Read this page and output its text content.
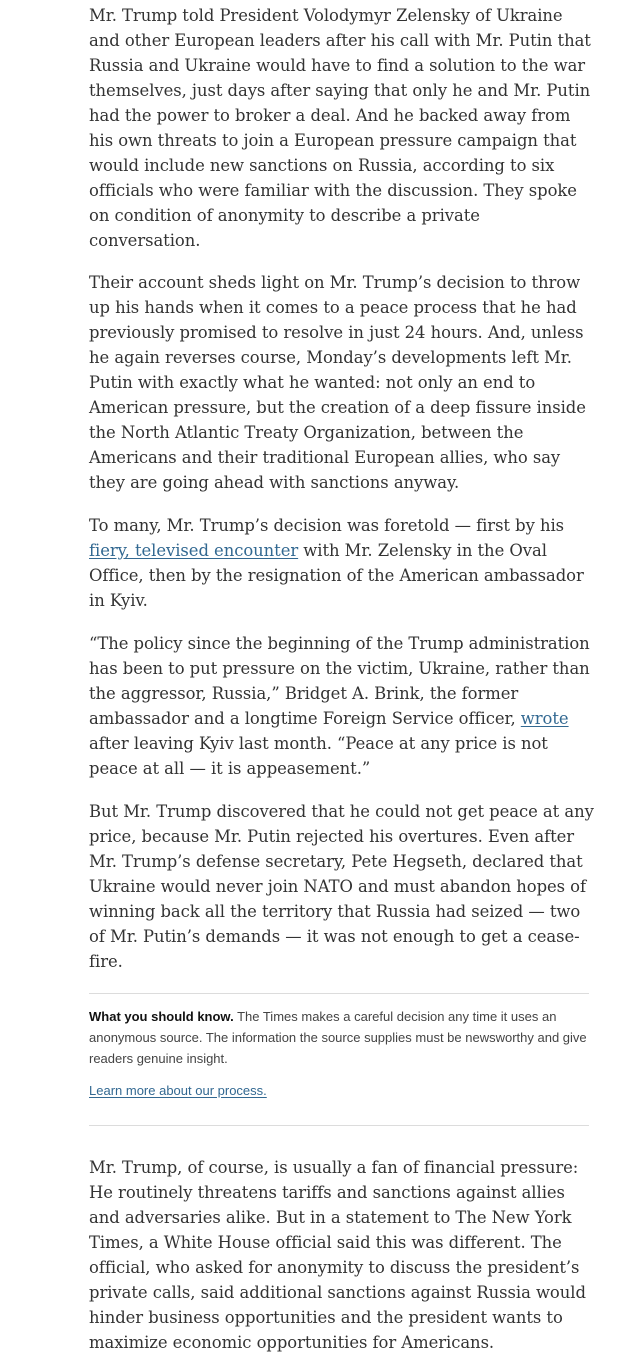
Mr. Trump told President Volodymyr Zelensky of Ukraine and other European leaders after his call with Mr. Putin that Russia and Ukraine would have to find a solution to the war themselves, just days after saying that only he and Mr. Putin had the power to broker a deal. And he backed away from his own threats to join a European pressure campaign that would include new sanctions on Russia, according to six officials who were familiar with the discussion. They spoke on condition of anonymity to describe a private conversation.

Their account sheds light on Mr. Trump’s decision to throw up his hands when it comes to a peace process that he had previously promised to resolve in just 24 hours. And, unless he again reverses course, Monday’s developments left Mr. Putin with exactly what he wanted: not only an end to American pressure, but the creation of a deep fissure inside the North Atlantic Treaty Organization, between the Americans and their traditional European allies, who say they are going ahead with sanctions anyway.

To many, Mr. Trump’s decision was foretold — first by his fiery, televised encounter with Mr. Zelensky in the Oval Office, then by the resignation of the American ambassador in Kyiv.

“The policy since the beginning of the Trump administration has been to put pressure on the victim, Ukraine, rather than the aggressor, Russia,” Bridget A. Brink, the former ambassador and a longtime Foreign Service officer, wrote after leaving Kyiv last month. “Peace at any price is not peace at all — it is appeasement.”

But Mr. Trump discovered that he could not get peace at any price, because Mr. Putin rejected his overtures. Even after Mr. Trump’s defense secretary, Pete Hegseth, declared that Ukraine would never join NATO and must abandon hopes of winning back all the territory that Russia had seized — two of Mr. Putin’s demands — it was not enough to get a cease-fire.

What you should know. The Times makes a careful decision any time it uses an anonymous source. The information the source supplies must be newsworthy and give readers genuine insight.

Learn more about our process.

Mr. Trump, of course, is usually a fan of financial pressure: He routinely threatens tariffs and sanctions against allies and adversaries alike. But in a statement to The New York Times, a White House official said this was different. The official, who asked for anonymity to discuss the president’s private calls, said additional sanctions against Russia would hinder business opportunities and the president wants to maximize economic opportunities for Americans.
